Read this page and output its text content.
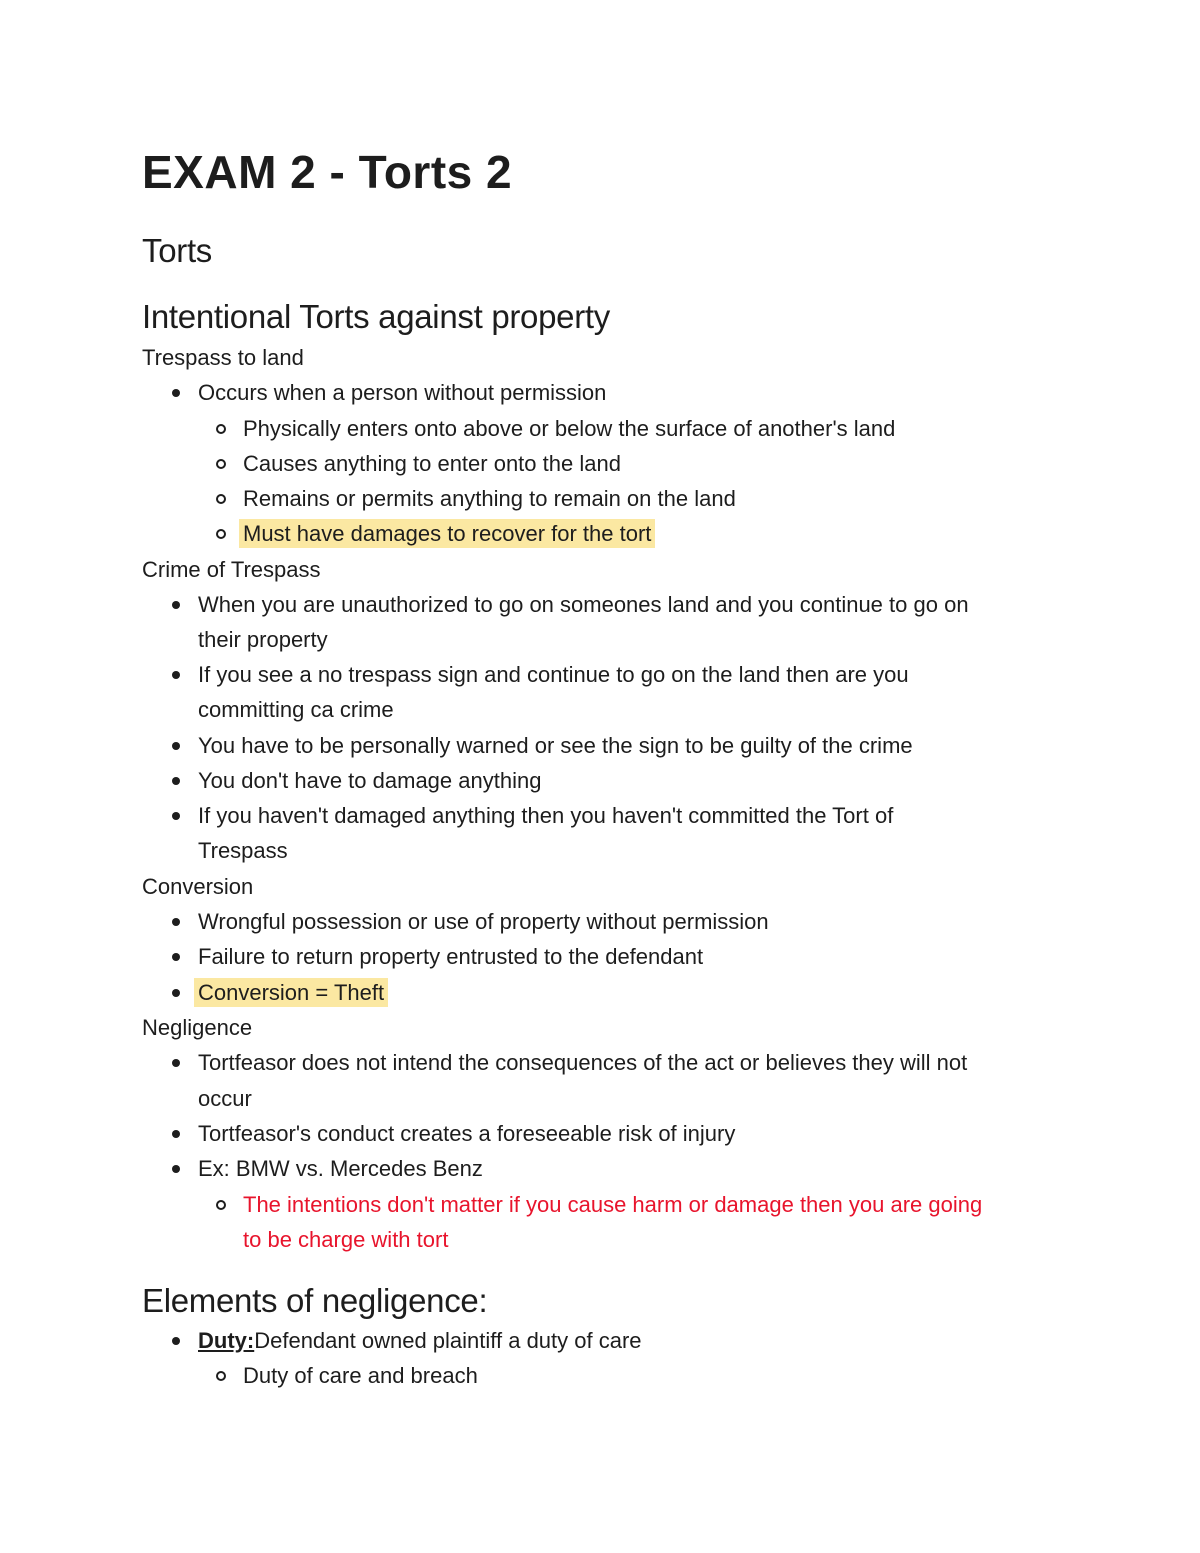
EXAM 2 - Torts 2
Torts
Intentional Torts against property
Trespass to land
Occurs when a person without permission
Physically enters onto above or below the surface of another's land
Causes anything to enter onto the land
Remains or permits anything to remain on the land
Must have damages to recover for the tort
Crime of Trespass
When you are unauthorized to go on someones land and you continue to go on
their property
If you see a no trespass sign and continue to go on the land then are you
committing ca crime
You have to be personally warned or see the sign to be guilty of the crime
You don't have to damage anything
If you haven't damaged anything then you haven't committed the Tort of
Trespass
Conversion
Wrongful possession or use of property without permission
Failure to return property entrusted to the defendant
Conversion = Theft
Negligence
Tortfeasor does not intend the consequences of the act or believes they will not
occur
Tortfeasor's conduct creates a foreseeable risk of injury
Ex: BMW vs. Mercedes Benz
The intentions don't matter if you cause harm or damage then you are going
to be charge with tort
Elements of negligence:
Duty:Defendant owned plaintiff a duty of care
Duty of care and breach
